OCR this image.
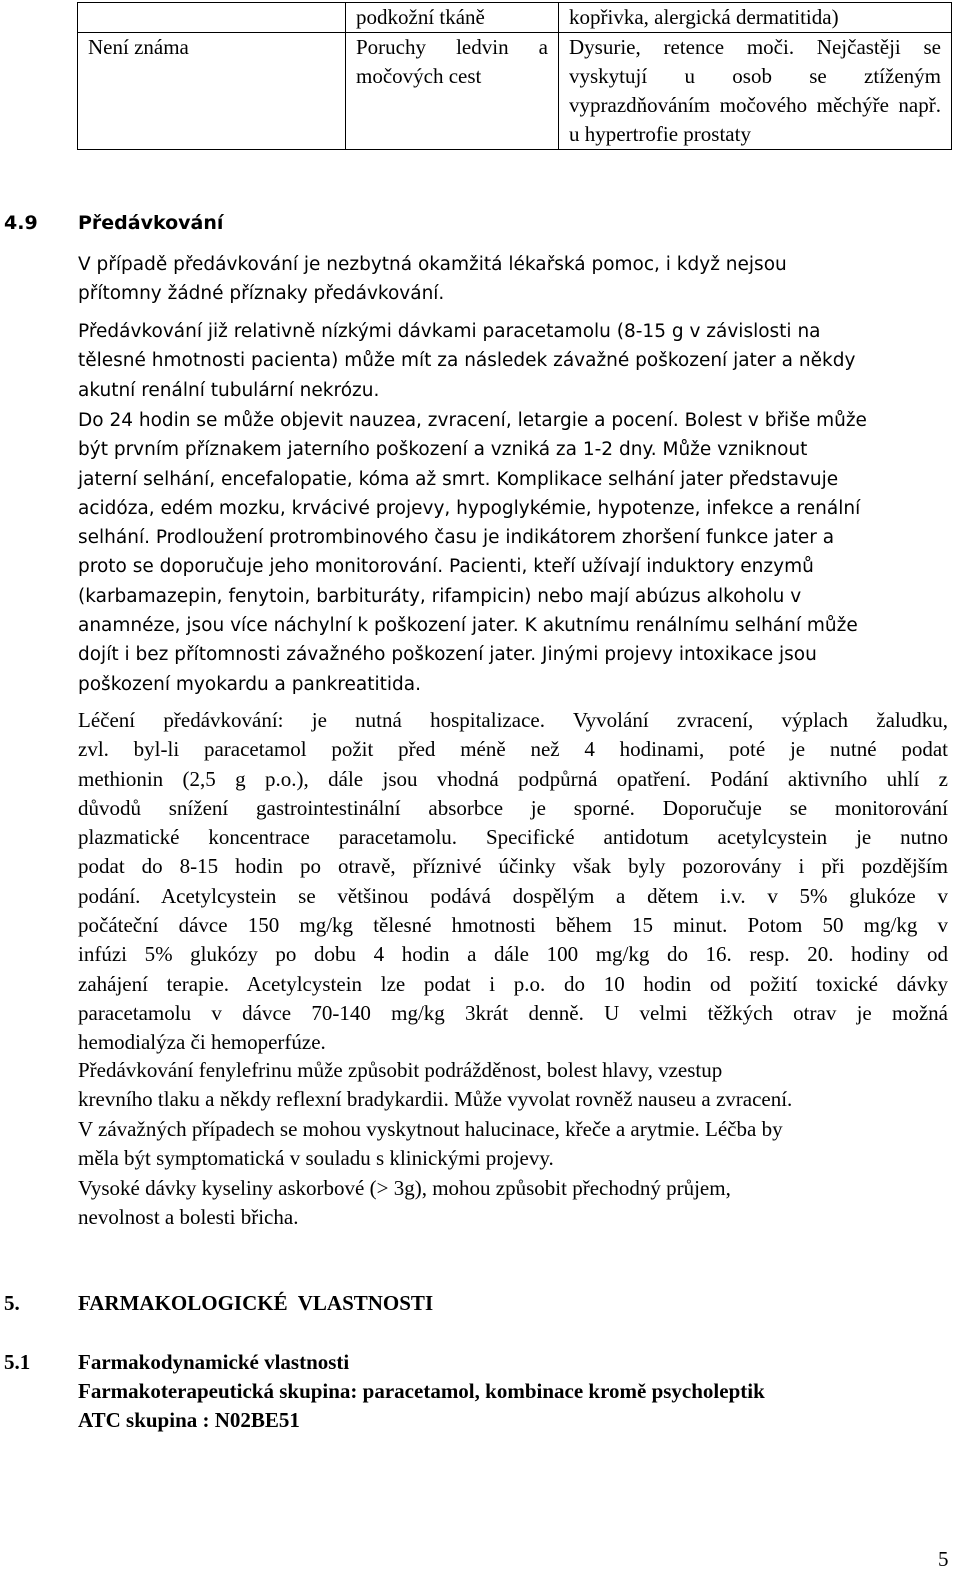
	podkožní tkáně	kopřivka, alergická dermatitida)
Není známa	Poruchy ledvin a močových cest	Dysurie, retence moči. Nejčastěji se vyskytují u osob se ztíženým vyprazdňováním močového měchýře např. u hypertrofie prostaty
4.9 Předávkování
V případě předávkování je nezbytná okamžitá lékařská pomoc, i když nejsou
přítomny žádné příznaky předávkování.
Předávkování již relativně nízkými dávkami paracetamolu (8-15 g v závislosti na
tělesné hmotnosti pacienta) může mít za následek závažné poškození jater a někdy
akutní renální tubulární nekrózu.
Do 24 hodin se může objevit nauzea, zvracení, letargie a pocení. Bolest v břiše může
být prvním příznakem jaterního poškození a vzniká za 1-2 dny. Může vzniknout
jaterní selhání, encefalopatie, kóma až smrt. Komplikace selhání jater představuje
acidóza, edém mozku, krvácivé projevy, hypoglykémie, hypotenze, infekce a renální
selhání. Prodloužení protrombinového času je indikátorem zhoršení funkce jater a
proto se doporučuje jeho monitorování. Pacienti, kteří užívají induktory enzymů
(karbamazepin, fenytoin, barbituráty, rifampicin) nebo mají abúzus alkoholu v
anamnéze, jsou více náchylní k poškození jater. K akutnímu renálnímu selhání může
dojít i bez přítomnosti závažného poškození jater. Jinými projevy intoxikace jsou
poškození myokardu a pankreatitida.
Léčení předávkování: je nutná hospitalizace. Vyvolání zvracení, výplach žaludku,
zvl. byl-li paracetamol požit před méně než 4 hodinami, poté je nutné podat
methionin (2,5 g p.o.), dále jsou vhodná podpůrná opatření. Podání aktivního uhlí z
důvodů snížení gastrointestinální absorbce je sporné. Doporučuje se monitorování
plazmatické koncentrace paracetamolu. Specifické antidotum acetylcystein je nutno
podat do 8-15 hodin po otravě, příznivé účinky však byly pozorovány i při pozdějším
podání. Acetylcystein se většinou podává dospělým a dětem i.v. v 5% glukóze v
počáteční dávce 150 mg/kg tělesné hmotnosti během 15 minut. Potom 50 mg/kg v
infúzi 5% glukózy po dobu 4 hodin a dále 100 mg/kg do 16. resp. 20. hodiny od
zahájení terapie. Acetylcystein lze podat i p.o. do 10 hodin od požití toxické dávky
paracetamolu v dávce 70-140 mg/kg 3krát denně. U velmi těžkých otrav je možná
hemodialýza či hemoperfúze.
Předávkování fenylefrinu může způsobit podrážděnost, bolest hlavy, vzestup
krevního tlaku a někdy reflexní bradykardii. Může vyvolat rovněž nauseu a zvracení.
V závažných případech se mohou vyskytnout halucinace, křeče a arytmie. Léčba by
měla být symptomatická v souladu s klinickými projevy.
Vysoké dávky kyseliny askorbové (> 3g), mohou způsobit přechodný průjem,
nevolnost a bolesti břicha.
5.	FARMAKOLOGICKÉ  VLASTNOSTI
5.1 Farmakodynamické vlastnosti
Farmakoterapeutická skupina: paracetamol, kombinace kromě psycholeptik
ATC skupina : N02BE51
5
